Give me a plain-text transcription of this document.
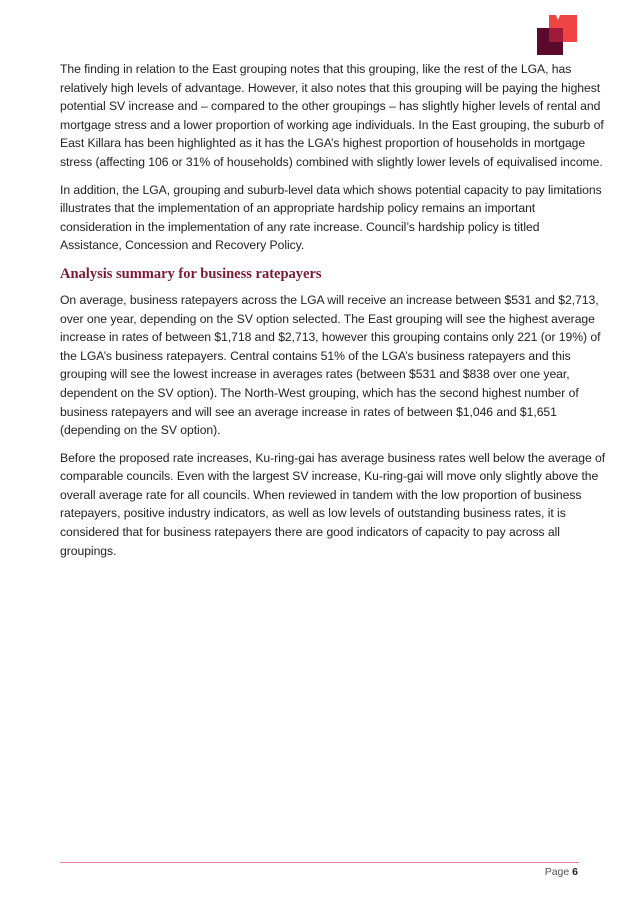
The finding in relation to the East grouping notes that this grouping, like the rest of the LGA, has
relatively high levels of advantage. However, it also notes that this grouping will be paying the highest
potential SV increase and – compared to the other groupings – has slightly higher levels of rental and
mortgage stress and a lower proportion of working age individuals. In the East grouping, the suburb of
East Killara has been highlighted as it has the LGA’s highest proportion of households in mortgage
stress (affecting 106 or 31% of households) combined with slightly lower levels of equivalised income.

In addition, the LGA, grouping and suburb-level data which shows potential capacity to pay limitations
illustrates that the implementation of an appropriate hardship policy remains an important
consideration in the implementation of any rate increase. Council’s hardship policy is titled
Assistance, Concession and Recovery Policy.

Analysis summary for business ratepayers

On average, business ratepayers across the LGA will receive an increase between $531 and $2,713,
over one year, depending on the SV option selected. The East grouping will see the highest average
increase in rates of between $1,718 and $2,713, however this grouping contains only 221 (or 19%) of
the LGA’s business ratepayers. Central contains 51% of the LGA’s business ratepayers and this
grouping will see the lowest increase in averages rates (between $531 and $838 over one year,
dependent on the SV option). The North-West grouping, which has the second highest number of
business ratepayers and will see an average increase in rates of between $1,046 and $1,651
(depending on the SV option).

Before the proposed rate increases, Ku-ring-gai has average business rates well below the average of
comparable councils. Even with the largest SV increase, Ku-ring-gai will move only slightly above the
overall average rate for all councils. When reviewed in tandem with the low proportion of business
ratepayers, positive industry indicators, as well as low levels of outstanding business rates, it is
considered that for business ratepayers there are good indicators of capacity to pay across all
groupings.

Page 6
